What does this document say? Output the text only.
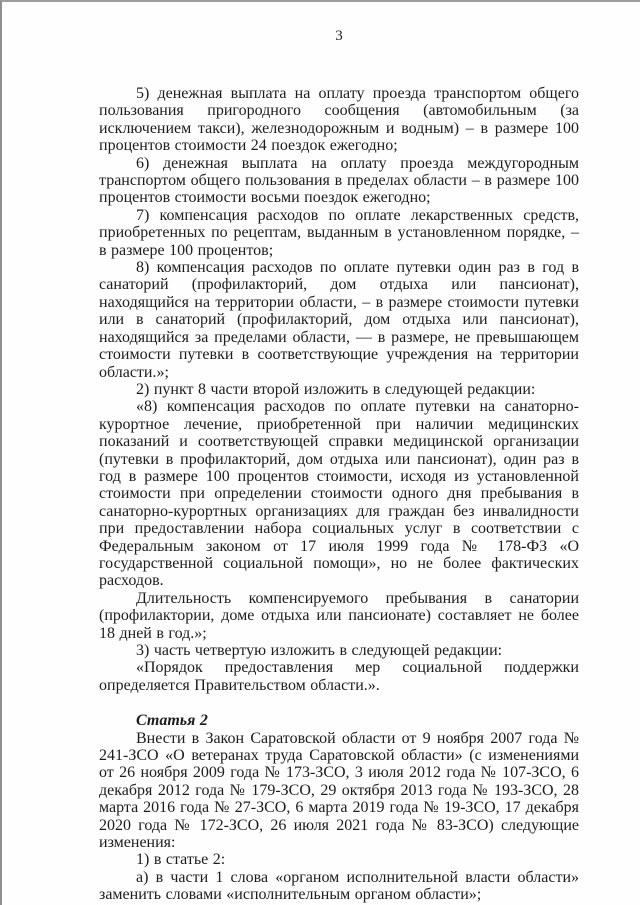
3

5) денежная выплата на оплату проезда транспортом общего пользования пригородного сообщения (автомобильным (за исключением такси), железнодорожным и водным) – в размере 100 процентов стоимости 24 поездок ежегодно;

6) денежная выплата на оплату проезда междугородным транспортом общего пользования в пределах области – в размере 100 процентов стоимости восьми поездок ежегодно;

7) компенсация расходов по оплате лекарственных средств, приобретенных по рецептам, выданным в установленном порядке, – в размере 100 процентов;

8) компенсация расходов по оплате путевки один раз в год в санаторий (профилакторий, дом отдыха или пансионат), находящийся на территории области, – в размере стоимости путевки или в санаторий (профилакторий, дом отдыха или пансионат), находящийся за пределами области, — в размере, не превышающем стоимости путевки в соответствующие учреждения на территории области.»;

2) пункт 8 части второй изложить в следующей редакции:

«8) компенсация расходов по оплате путевки на санаторно-курортное лечение, приобретенной при наличии медицинских показаний и соответствующей справки медицинской организации (путевки в профилакторий, дом отдыха или пансионат), один раз в год в размере 100 процентов стоимости, исходя из установленной стоимости при определении стоимости одного дня пребывания в санаторно-курортных организациях для граждан без инвалидности при предоставлении набора социальных услуг в соответствии с Федеральным законом от 17 июля 1999 года № 178-ФЗ «О государственной социальной помощи», но не более фактических расходов.

Длительность компенсируемого пребывания в санатории (профилактории, доме отдыха или пансионате) составляет не более 18 дней в год.»;

3) часть четвертую изложить в следующей редакции:

«Порядок предоставления мер социальной поддержки определяется Правительством области.».

Статья 2

Внести в Закон Саратовской области от 9 ноября 2007 года № 241-ЗСО «О ветеранах труда Саратовской области» (с изменениями от 26 ноября 2009 года № 173-ЗСО, 3 июля 2012 года № 107-ЗСО, 6 декабря 2012 года № 179-ЗСО, 29 октября 2013 года № 193-ЗСО, 28 марта 2016 года № 27-ЗСО, 6 марта 2019 года № 19-ЗСО, 17 декабря 2020 года № 172-ЗСО, 26 июля 2021 года № 83-ЗСО) следующие изменения:

1) в статье 2:

а) в части 1 слова «органом исполнительной власти области» заменить словами «исполнительным органом области»;
